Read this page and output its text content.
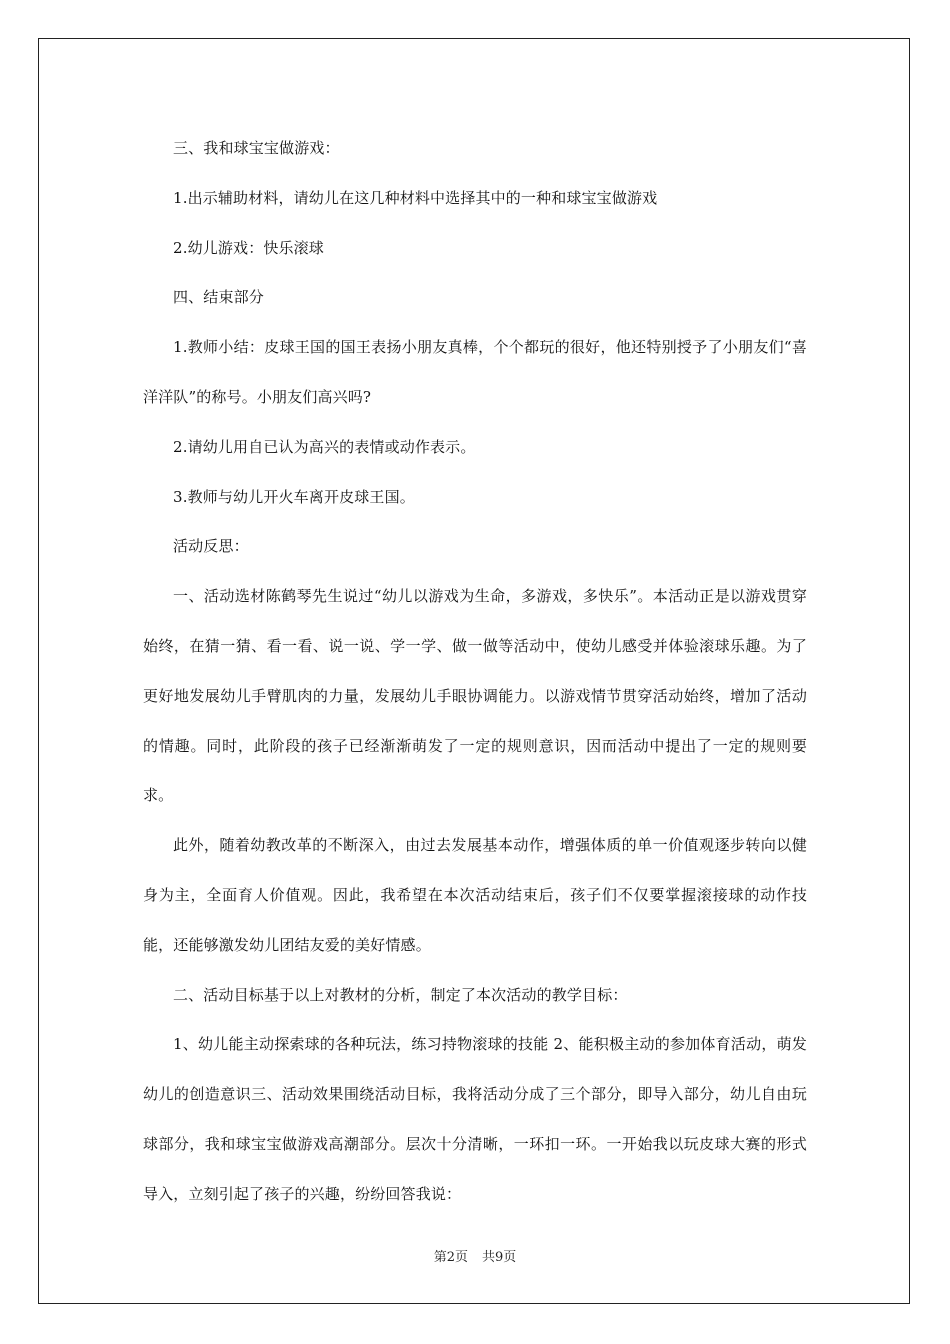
三、我和球宝宝做游戏：

1.出示辅助材料，请幼儿在这几种材料中选择其中的一种和球宝宝做游戏

2.幼儿游戏：快乐滚球

四、结束部分

1.教师小结：皮球王国的国王表扬小朋友真棒，个个都玩的很好，他还特别授予了小朋友们“喜洋洋队”的称号。小朋友们高兴吗?

2.请幼儿用自已认为高兴的表情或动作表示。

3.教师与幼儿开火车离开皮球王国。

活动反思：

一、活动选材陈鹤琴先生说过“幼儿以游戏为生命，多游戏，多快乐”。本活动正是以游戏贯穿始终，在猜一猜、看一看、说一说、学一学、做一做等活动中，使幼儿感受并体验滚球乐趣。为了更好地发展幼儿手臂肌肉的力量，发展幼儿手眼协调能力。以游戏情节贯穿活动始终，增加了活动的情趣。同时，此阶段的孩子已经渐渐萌发了一定的规则意识，因而活动中提出了一定的规则要求。

此外，随着幼教改革的不断深入，由过去发展基本动作，增强体质的单一价值观逐步转向以健身为主，全面育人价值观。因此，我希望在本次活动结束后，孩子们不仅要掌握滚接球的动作技能，还能够激发幼儿团结友爱的美好情感。

二、活动目标基于以上对教材的分析，制定了本次活动的教学目标：

1、幼儿能主动探索球的各种玩法，练习持物滚球的技能 2、能积极主动的参加体育活动，萌发幼儿的创造意识三、活动效果围绕活动目标，我将活动分成了三个部分，即导入部分，幼儿自由玩球部分，我和球宝宝做游戏高潮部分。层次十分清晰，一环扣一环。一开始我以玩皮球大赛的形式导入，立刻引起了孩子的兴趣，纷纷回答我说：

第2页 共9页
